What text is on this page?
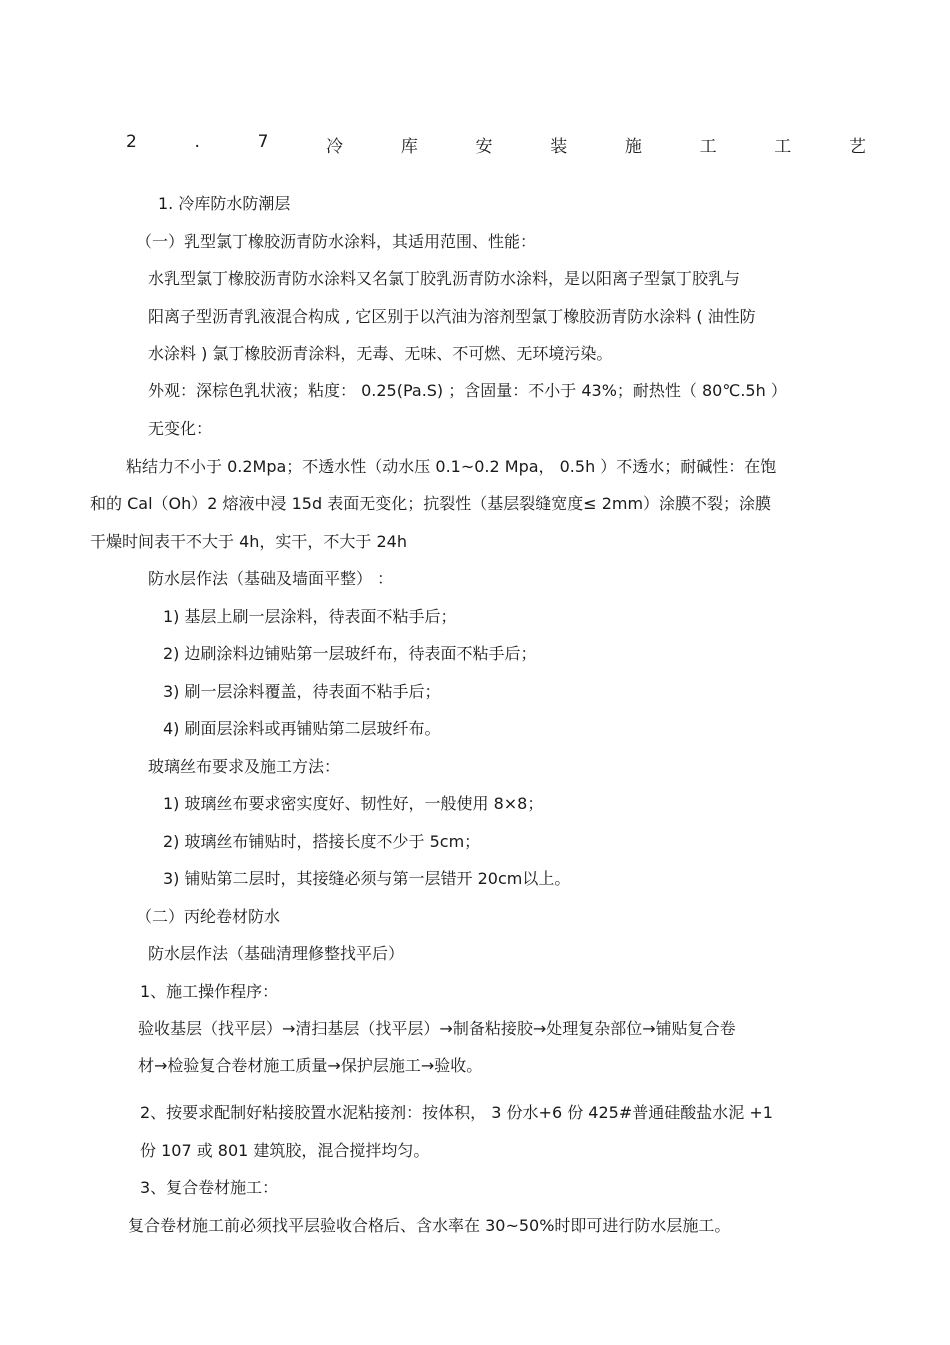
2	.	7	冷	库	安	装	施	工	工	艺
1. 冷库防水防潮层
（一）乳型氯丁橡胶沥青防水涂料，其适用范围、性能：
水乳型氯丁橡胶沥青防水涂料又名氯丁胶乳沥青防水涂料，是以阳离子型氯丁胶乳与
阳离子型沥青乳液混合构成 , 它区别于以汽油为溶剂型氯丁橡胶沥青防水涂料 ( 油性防
水涂料 ) 氯丁橡胶沥青涂料，无毒、无味、不可燃、无环境污染。
外观：深棕色乳状液；粘度： 0.25(Pa.S) ；含固量：不小于 43%；耐热性（ 80℃.5h ）
无变化：
粘结力不小于 0.2Mpa；不透水性（动水压 0.1~0.2 Mpa， 0.5h ）不透水；耐碱性：在饱
和的 Cal（Oh）2 熔液中浸 15d 表面无变化；抗裂性（基层裂缝宽度≤ 2mm）涂膜不裂；涂膜
干燥时间表干不大于 4h，实干，不大于 24h
防水层作法（基础及墙面平整） ：
1) 基层上刷一层涂料，待表面不粘手后；
2) 边刷涂料边铺贴第一层玻纤布，待表面不粘手后；
3) 刷一层涂料覆盖，待表面不粘手后；
4) 刷面层涂料或再铺贴第二层玻纤布。
玻璃丝布要求及施工方法：
1) 玻璃丝布要求密实度好、韧性好，一般使用 8×8；
2) 玻璃丝布铺贴时，搭接长度不少于 5cm；
3) 铺贴第二层时，其接缝必须与第一层错开 20cm以上。
（二）丙纶卷材防水
防水层作法（基础清理修整找平后）
1、施工操作程序：
验收基层（找平层）→清扫基层（找平层）→制备粘接胶→处理复杂部位→铺贴复合卷
材→检验复合卷材施工质量→保护层施工→验收。
2、按要求配制好粘接胶置水泥粘接剂：按体积， 3 份水+6 份 425#普通硅酸盐水泥 +1
份 107 或 801 建筑胶，混合搅拌均匀。
3、复合卷材施工：
复合卷材施工前必须找平层验收合格后、含水率在 30~50%时即可进行防水层施工。
